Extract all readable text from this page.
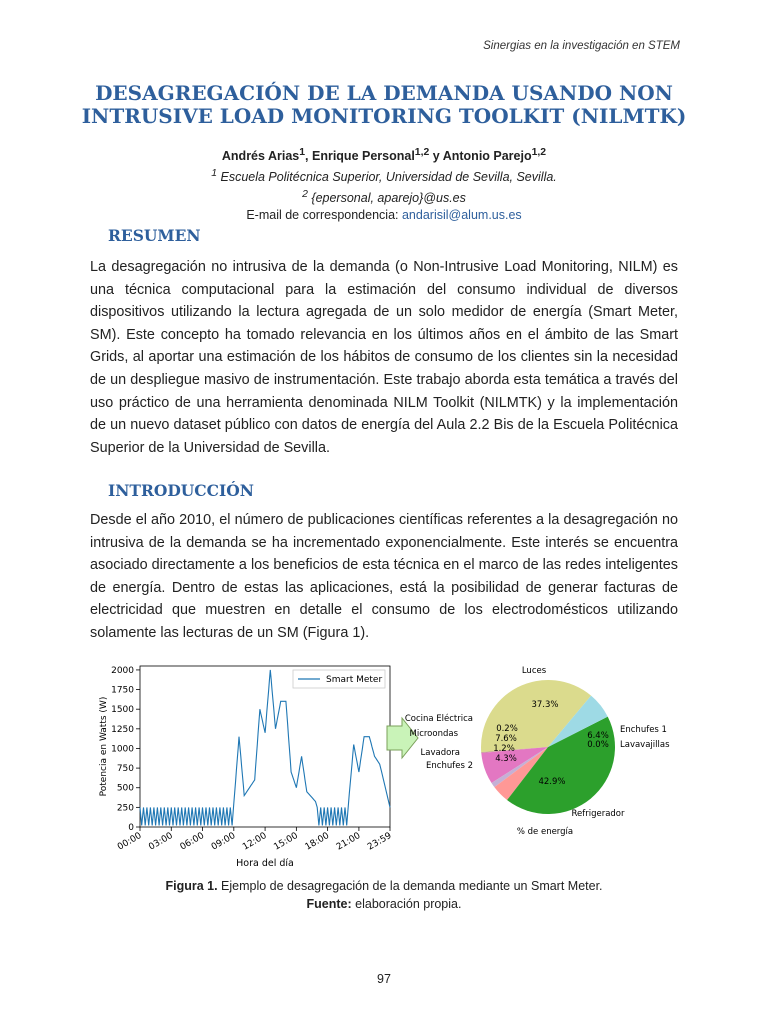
Sinergias en la investigación en STEM
DESAGREGACIÓN DE LA DEMANDA USANDO NON
INTRUSIVE LOAD MONITORING TOOLKIT (NILMTK)
Andrés Arias$^1$, Enrique Personal$^{1,2}$ y Antonio Parejo$^{1,2}$
$^1$ Escuela Politécnica Superior, Universidad de Sevilla, Sevilla.
$^2$ {epersonal, aparejo}@us.es
E-mail de correspondencia: andarisil@alum.us.es
RESUMEN
La desagregación no intrusiva de la demanda (o Non-Intrusive Load Monitoring, NILM) es una técnica computacional para la estimación del consumo individual de diversos dispositivos utilizando la lectura agregada de un solo medidor de energía (Smart Meter, SM). Este concepto ha tomado relevancia en los últimos años en el ámbito de las Smart Grids, al aportar una estimación de los hábitos de consumo de los clientes sin la necesidad de un despliegue masivo de instrumentación. Este trabajo aborda esta temática a través del uso práctico de una herramienta denominada NILM Toolkit (NILMTK) y la implementación de un nuevo dataset público con datos de energía del Aula 2.2 Bis de la Escuela Politécnica Superior de la Universidad de Sevilla.
INTRODUCCIÓN
Desde el año 2010, el número de publicaciones científicas referentes a la desagregación no intrusiva de la demanda se ha incrementado exponencialmente. Este interés se encuentra asociado directamente a los beneficios de esta técnica en el marco de las redes inteligentes de energía. Dentro de estas las aplicaciones, está la posibilidad de generar facturas de electricidad que muestren en detalle el consumo de los electrodomésticos utilizando solamente las lecturas de un SM (Figura 1).
0
250
500
750
1000
1250
1500
1750
2000
00:00 03:00 06:00 09:00 12:00 15:00 18:00 21:00 23:59
Hora del día
Potencia en Watts (W)
Smart Meter
Luces
37.3%
Cocina Eléctrica
0.2%
Microondas	7.6%
Lavadora	1.2%
Enchufes 2
4.3%
Refrigerador
42.9%
Lavavajillas
0.0%
Enchufes 1
6.4%
% de energía
Figura 1. Ejemplo de desagregación de la demanda mediante un Smart Meter.
Fuente: elaboración propia.
97
